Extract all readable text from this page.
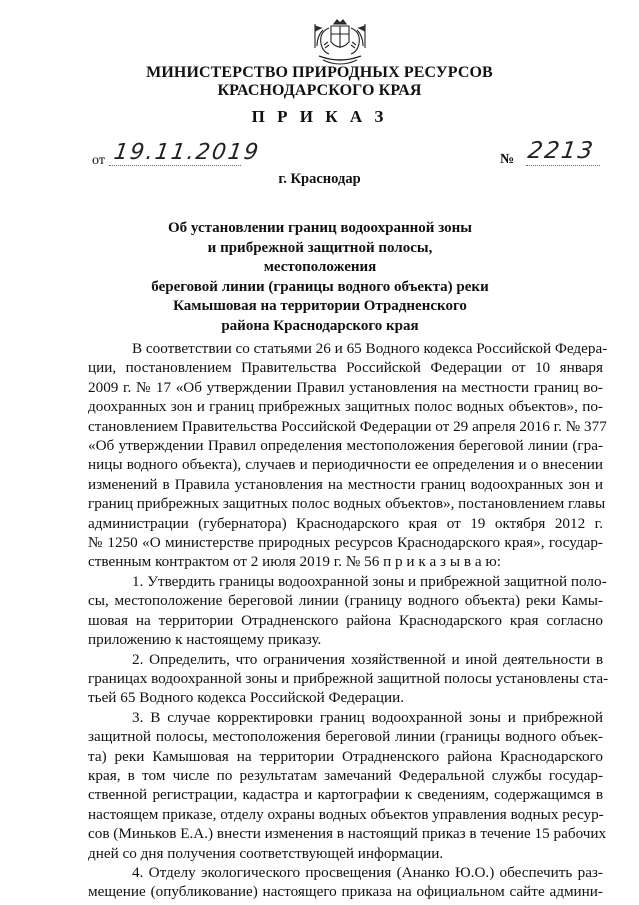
МИНИСТЕРСТВО ПРИРОДНЫХ РЕСУРСОВ
КРАСНОДАРСКОГО КРАЯ
П Р И К А З
от 19.11.2019	№ 2213
г. Краснодар
Об установлении границ водоохранной зоны
и прибрежной защитной полосы, местоположения
береговой линии (границы водного объекта) реки
Камышовая на территории Отрадненского
района Краснодарского края
В соответствии со статьями 26 и 65 Водного кодекса Российской Федера-
ции, постановлением Правительства Российской Федерации от 10 января
2009 г. № 17 «Об утверждении Правил установления на местности границ во-
доохранных зон и границ прибрежных защитных полос водных объектов», по-
становлением Правительства Российской Федерации от 29 апреля 2016 г. № 377
«Об утверждении Правил определения местоположения береговой линии (гра-
ницы водного объекта), случаев и периодичности ее определения и о внесении
изменений в Правила установления на местности границ водоохранных зон и
границ прибрежных защитных полос водных объектов», постановлением главы
администрации (губернатора) Краснодарского края от 19 октября 2012 г.
№ 1250 «О министерстве природных ресурсов Краснодарского края», государ-
ственным контрактом от 2 июля 2019 г. № 56 п р и к а з ы в а ю:
1. Утвердить границы водоохранной зоны и прибрежной защитной поло-
сы, местоположение береговой линии (границу водного объекта) реки Камы-
шовая на территории Отрадненского района Краснодарского края согласно
приложению к настоящему приказу.
2. Определить, что ограничения хозяйственной и иной деятельности в
границах водоохранной зоны и прибрежной защитной полосы установлены ста-
тьей 65 Водного кодекса Российской Федерации.
3. В случае корректировки границ водоохранной зоны и прибрежной
защитной полосы, местоположения береговой линии (границы водного объек-
та) реки Камышовая на территории Отрадненского района Краснодарского
края, в том числе по результатам замечаний Федеральной службы государ-
ственной регистрации, кадастра и картографии к сведениям, содержащимся в
настоящем приказе, отделу охраны водных объектов управления водных ресур-
сов (Миньков Е.А.) внести изменения в настоящий приказ в течение 15 рабочих
дней со дня получения соответствующей информации.
4. Отделу экологического просвещения (Ананко Ю.О.) обеспечить раз-
мещение (опубликование) настоящего приказа на официальном сайте админи-
